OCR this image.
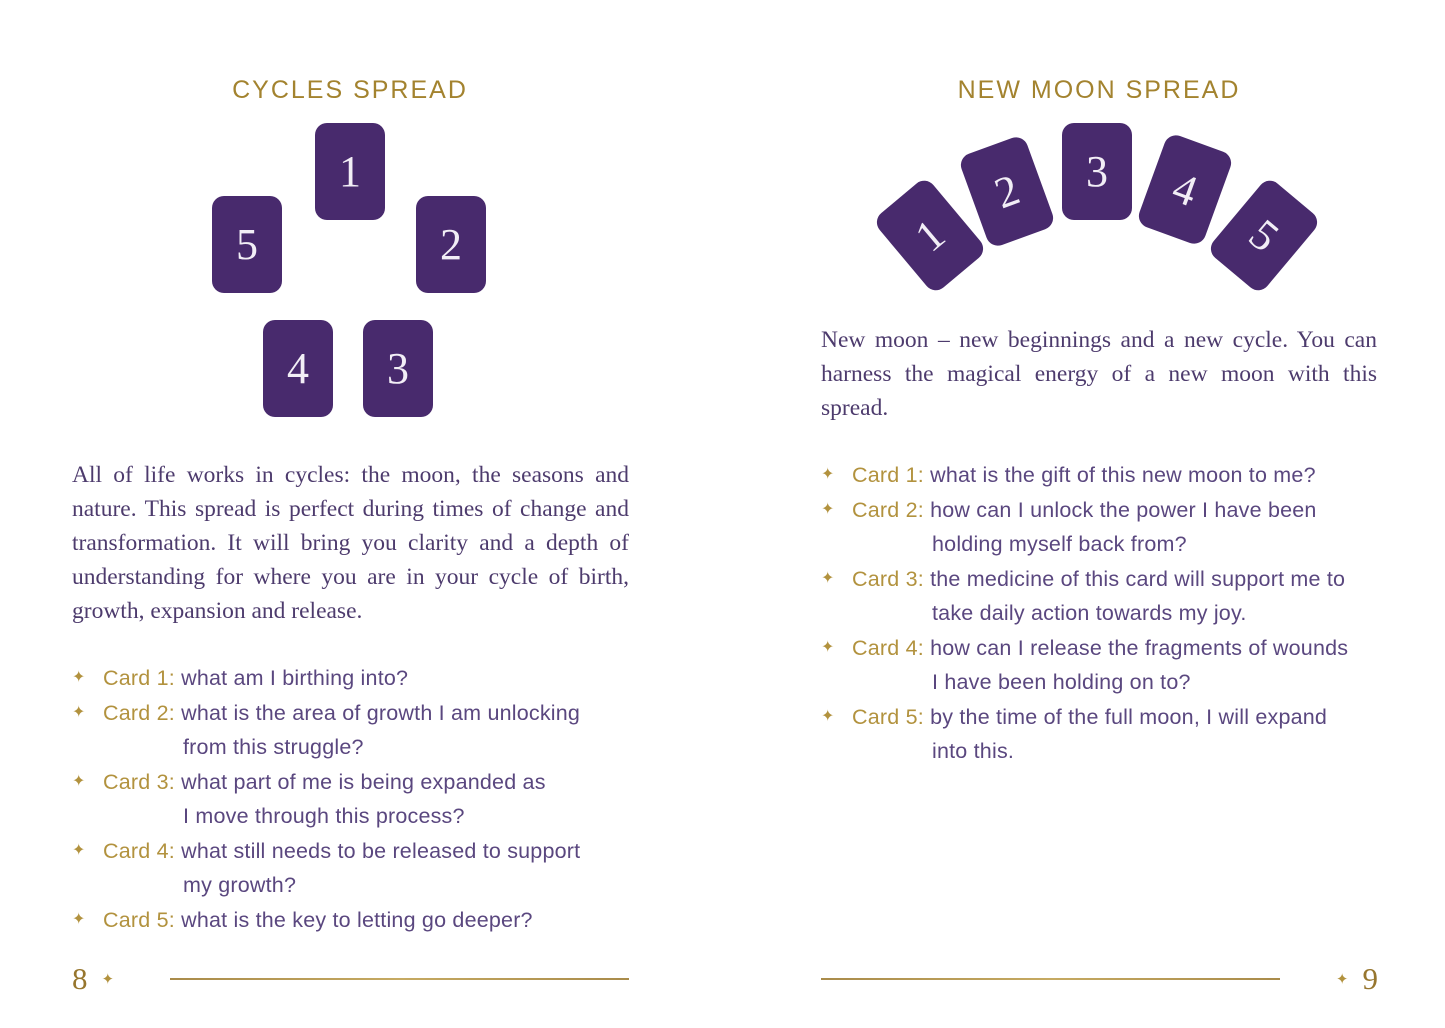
CYCLES SPREAD
1
5	2
4 3
All of life works in cycles: the moon, the seasons and nature. This spread is perfect during times of change and transformation. It will bring you clarity and a depth of understanding for where you are in your cycle of birth, growth, expansion and release.
✦ Card 1: what am I birthing into?
✦ Card 2: what is the area of growth I am unlocking
from this struggle?
✦ Card 3: what part of me is being expanded as
I move through this process?
✦ Card 4: what still needs to be released to support
my growth?
✦ Card 5: what is the key to letting go deeper?
8 ✦
NEW MOON SPREAD
1
2 3 4
5
New moon – new beginnings and a new cycle. You can harness the magical energy of a new moon with this spread.
✦ Card 1: what is the gift of this new moon to me?
✦ Card 2: how can I unlock the power I have been
holding myself back from?
✦ Card 3: the medicine of this card will support me to
take daily action towards my joy.
✦ Card 4: how can I release the fragments of wounds
I have been holding on to?
✦ Card 5: by the time of the full moon, I will expand
into this.
✦ 9
